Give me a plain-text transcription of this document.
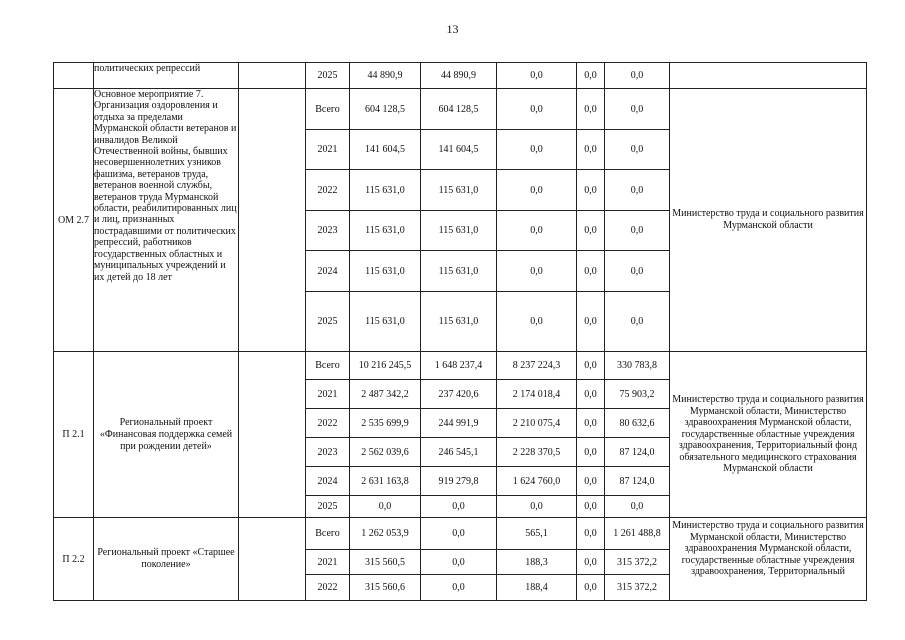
13
	политических репрессий		2025	44 890,9	44 890,9	0,0	0,0	0,0	
ОМ 2.7	Основное мероприятие 7. Организация оздоровления и отдыха за пределами Мурманской области ветеранов и инвалидов Великой Отечественной войны, бывших несовершеннолетних узников фашизма, ветеранов труда, ветеранов военной службы, ветеранов труда Мурманской области, реабилитированных лиц и лиц, признанных пострадавшими от политических репрессий, работников государственных областных и муниципальных учреждений и их детей до 18 лет		Всего	604 128,5	604 128,5	0,0	0,0	0,0	Министерство труда и социального развития Мурманской области
			2021	141 604,5	141 604,5	0,0	0,0	0,0	
			2022	115 631,0	115 631,0	0,0	0,0	0,0	
			2023	115 631,0	115 631,0	0,0	0,0	0,0	
			2024	115 631,0	115 631,0	0,0	0,0	0,0	
			2025	115 631,0	115 631,0	0,0	0,0	0,0	
П 2.1	Региональный проект «Финансовая поддержка семей при рождении детей»		Всего	10 216 245,5	1 648 237,4	8 237 224,3	0,0	330 783,8	Министерство труда и социального развития Мурманской области, Министерство здравоохранения Мурманской области, государственные областные учреждения здравоохранения, Территориальный фонд обязательного медицинского страхования Мурманской области
			2021	2 487 342,2	237 420,6	2 174 018,4	0,0	75 903,2	
			2022	2 535 699,9	244 991,9	2 210 075,4	0,0	80 632,6	
			2023	2 562 039,6	246 545,1	2 228 370,5	0,0	87 124,0	
			2024	2 631 163,8	919 279,8	1 624 760,0	0,0	87 124,0	
			2025	0,0	0,0	0,0	0,0	0,0	
П 2.2	Региональный проект «Старшее поколение»		Всего	1 262 053,9	0,0	565,1	0,0	1 261 488,8	Министерство труда и социального развития Мурманской области, Министерство здравоохранения Мурманской области, государственные областные учреждения здравоохранения, Территориальный
			2021	315 560,5	0,0	188,3	0,0	315 372,2	
			2022	315 560,6	0,0	188,4	0,0	315 372,2	
